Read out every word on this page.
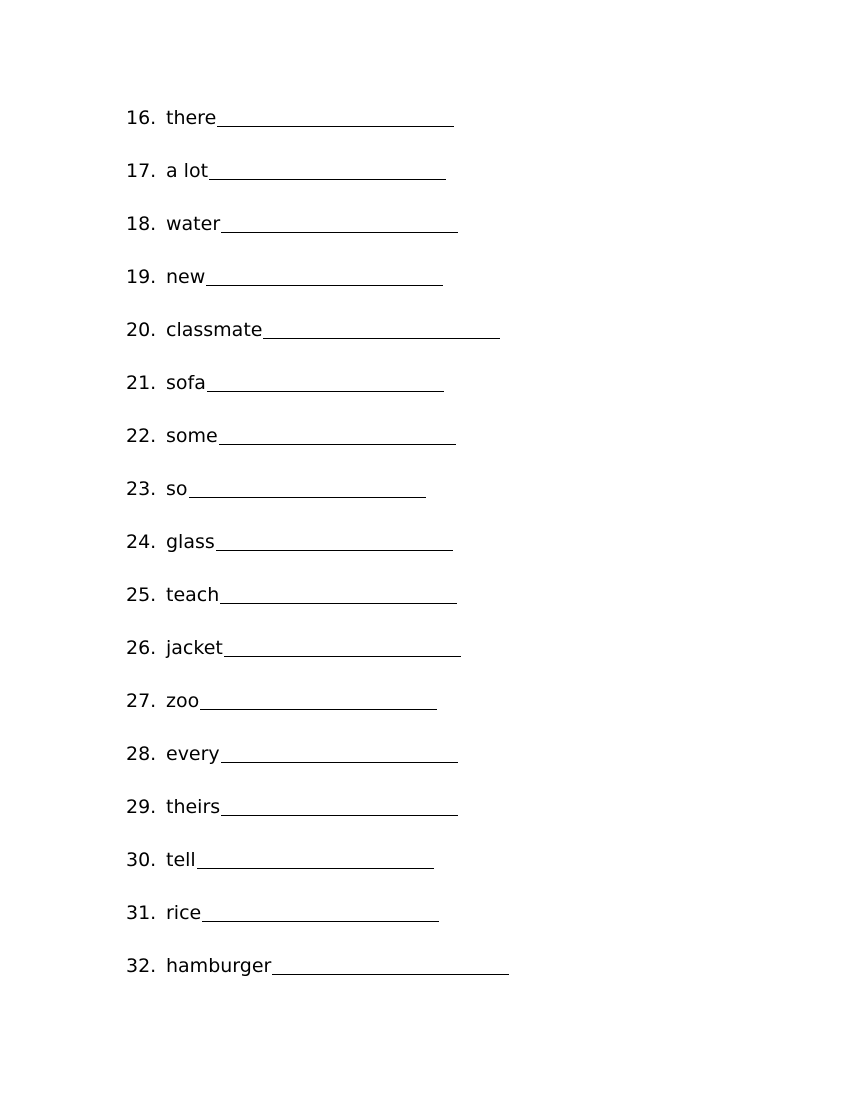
16. there
17. a lot
18. water
19. new
20. classmate
21. sofa
22. some
23. so
24. glass
25. teach
26. jacket
27. zoo
28. every
29. theirs
30. tell
31. rice
32. hamburger
